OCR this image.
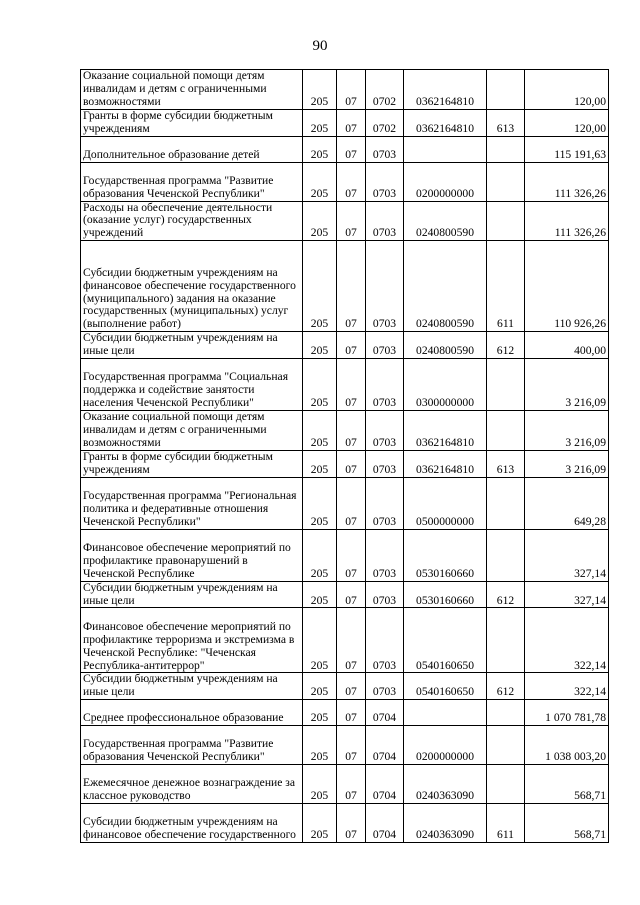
90
Оказание социальной помощи детям инвалидам и детям с ограниченными возможностями	205	07	0702	0362164810		120,00
Гранты в форме субсидии бюджетным учреждениям	205	07	0702	0362164810	613	120,00
Дополнительное образование детей	205	07	0703			115 191,63
Государственная программа "Развитие образования Чеченской Республики"	205	07	0703	0200000000		111 326,26
Расходы на обеспечение деятельности (оказание услуг) государственных учреждений	205	07	0703	0240800590		111 326,26
Субсидии бюджетным учреждениям на финансовое обеспечение государственного (муниципального) задания на оказание государственных (муниципальных) услуг (выполнение работ)	205	07	0703	0240800590	611	110 926,26
Субсидии бюджетным учреждениям на иные цели	205	07	0703	0240800590	612	400,00
Государственная программа "Социальная поддержка и содействие занятости населения Чеченской Республики"	205	07	0703	0300000000		3 216,09
Оказание социальной помощи детям инвалидам и детям с ограниченными возможностями	205	07	0703	0362164810		3 216,09
Гранты в форме субсидии бюджетным учреждениям	205	07	0703	0362164810	613	3 216,09
Государственная программа "Региональная политика и федеративные отношения Чеченской Республики"	205	07	0703	0500000000		649,28
Финансовое обеспечение мероприятий по профилактике правонарушений в Чеченской Республике	205	07	0703	0530160660		327,14
Субсидии бюджетным учреждениям на иные цели	205	07	0703	0530160660	612	327,14
Финансовое обеспечение мероприятий по профилактике терроризма и экстремизма в Чеченской Республике: "Чеченская Республика-антитеррор"	205	07	0703	0540160650		322,14
Субсидии бюджетным учреждениям на иные цели	205	07	0703	0540160650	612	322,14
Среднее профессиональное образование	205	07	0704			1 070 781,78
Государственная программа "Развитие образования Чеченской Республики"	205	07	0704	0200000000		1 038 003,20
Ежемесячное денежное вознаграждение за классное руководство	205	07	0704	0240363090		568,71
Субсидии бюджетным учреждениям на финансовое обеспечение государственного	205	07	0704	0240363090	611	568,71
